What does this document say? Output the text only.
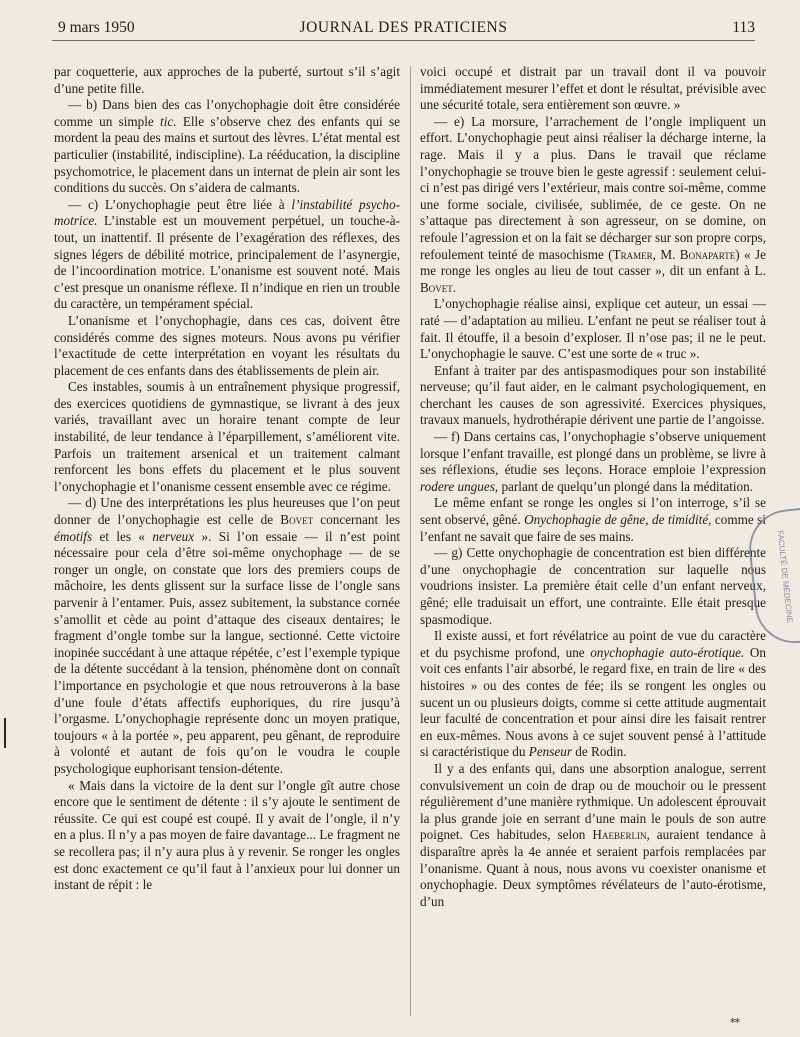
9 mars 1950	JOURNAL DES PRATICIENS	113

par coquetterie, aux approches de la puberté, surtout s’il s’agit d’une petite fille.

— b) Dans bien des cas l’onychophagie doit être considérée comme un simple tic. Elle s’observe chez des enfants qui se mordent la peau des mains et surtout des lèvres. L’état mental est particulier (instabilité, indiscipline). La rééducation, la discipline psychomotrice, le placement dans un internat de plein air sont les conditions du succès. On s’aidera de calmants.

— c) L’onychophagie peut être liée à l’instabilité psycho-motrice. L’instable est un mouvement perpétuel, un touche-à-tout, un inattentif. Il présente de l’exagération des réflexes, des signes légers de débilité motrice, principalement de l’asynergie, de l’incoordination motrice. L’onanisme est souvent noté. Mais c’est presque un onanisme réflexe. Il n’indique en rien un trouble du caractère, un tempérament spécial.

L’onanisme et l’onychophagie, dans ces cas, doivent être considérés comme des signes moteurs. Nous avons pu vérifier l’exactitude de cette interprétation en voyant les résultats du placement de ces enfants dans des établissements de plein air.

Ces instables, soumis à un entraînement physique progressif, des exercices quotidiens de gymnastique, se livrant à des jeux variés, travaillant avec un horaire tenant compte de leur instabilité, de leur tendance à l’éparpillement, s’améliorent vite. Parfois un traitement arsenical et un traitement calmant renforcent les bons effets du placement et le plus souvent l’onychophagie et l’onanisme cessent ensemble avec ce régime.

— d) Une des interprétations les plus heureuses que l’on peut donner de l’onychophagie est celle de Bovet concernant les émotifs et les « nerveux ». Si l’on essaie — il n’est point nécessaire pour cela d’être soi-même onychophage — de se ronger un ongle, on constate que lors des premiers coups de mâchoire, les dents glissent sur la surface lisse de l’ongle sans parvenir à l’entamer. Puis, assez subitement, la substance cornée s’amollit et cède au point d’attaque des ciseaux dentaires; le fragment d’ongle tombe sur la langue, sectionné. Cette victoire inopinée succédant à une attaque répétée, c’est l’exemple typique de la détente succédant à la tension, phénomène dont on connaît l’importance en psychologie et que nous retrouverons à la base d’une foule d’états affectifs euphoriques, du rire jusqu’à l’orgasme. L’onychophagie représente donc un moyen pratique, toujours « à la portée », peu apparent, peu gênant, de reproduire à volonté et autant de fois qu’on le voudra le couple psychologique euphorisant tension-détente.

« Mais dans la victoire de la dent sur l’ongle gît autre chose encore que le sentiment de détente : il s’y ajoute le sentiment de réussite. Ce qui est coupé est coupé. Il y avait de l’ongle, il n’y en a plus. Il n’y a pas moyen de faire davantage... Le fragment ne se recollera pas; il n’y aura plus à y revenir. Se ronger les ongles est donc exactement ce qu’il faut à l’anxieux pour lui donner un instant de répit : le

voici occupé et distrait par un travail dont il va pouvoir immédiatement mesurer l’effet et dont le résultat, prévisible avec une sécurité totale, sera entièrement son œuvre. »

— e) La morsure, l’arrachement de l’ongle impliquent un effort. L’onychophagie peut ainsi réaliser la décharge interne, la rage. Mais il y a plus. Dans le travail que réclame l’onychophagie se trouve bien le geste agressif : seulement celui-ci n’est pas dirigé vers l’extérieur, mais contre soi-même, comme une forme sociale, civilisée, sublimée, de ce geste. On ne s’attaque pas directement à son agresseur, on se domine, on refoule l’agression et on la fait se décharger sur son propre corps, refoulement teinté de masochisme (Tramer, M. Bonaparte) « Je me ronge les ongles au lieu de tout casser », dit un enfant à L. Bovet.

L’onychophagie réalise ainsi, explique cet auteur, un essai — raté — d’adaptation au milieu. L’enfant ne peut se réaliser tout à fait. Il étouffe, il a besoin d’exploser. Il n’ose pas; il ne le peut. L’onychophagie le sauve. C’est une sorte de « truc ».

Enfant à traiter par des antispasmodiques pour son instabilité nerveuse; qu’il faut aider, en le calmant psychologiquement, en cherchant les causes de son agressivité. Exercices physiques, travaux manuels, hydrothérapie dérivent une partie de l’angoisse.

— f) Dans certains cas, l’onychophagie s’observe uniquement lorsque l’enfant travaille, est plongé dans un problème, se livre à ses réflexions, étudie ses leçons. Horace emploie l’expression rodere ungues, parlant de quelqu’un plongé dans la méditation.

Le même enfant se ronge les ongles si l’on interroge, s’il se sent observé, gêné. Onychophagie de gêne, de timidité, comme si l’enfant ne savait que faire de ses mains.

— g) Cette onychophagie de concentration est bien différente d’une onychophagie de concentration sur laquelle nous voudrions insister. La première était celle d’un enfant nerveux, gêné; elle traduisait un effort, une contrainte. Elle était presque spasmodique.

Il existe aussi, et fort révélatrice au point de vue du caractère et du psychisme profond, une onychophagie auto-érotique. On voit ces enfants l’air absorbé, le regard fixe, en train de lire « des histoires » ou des contes de fée; ils se rongent les ongles ou sucent un ou plusieurs doigts, comme si cette attitude augmentait leur faculté de concentration et pour ainsi dire les faisait rentrer en eux-mêmes. Nous avons à ce sujet souvent pensé à l’attitude si caractéristique du Penseur de Rodin.

Il y a des enfants qui, dans une absorption analogue, serrent convulsivement un coin de drap ou de mouchoir ou le pressent régulièrement d’une manière rythmique. Un adolescent éprouvait la plus grande joie en serrant d’une main le pouls de son autre poignet. Ces habitudes, selon Haeberlin, auraient tendance à disparaître après la 4e année et seraient parfois remplacées par l’onanisme. Quant à nous, nous avons vu coexister onanisme et onychophagie. Deux symptômes révélateurs de l’auto-érotisme, d’un

FACULTÉ DE MÉDECINE
**
